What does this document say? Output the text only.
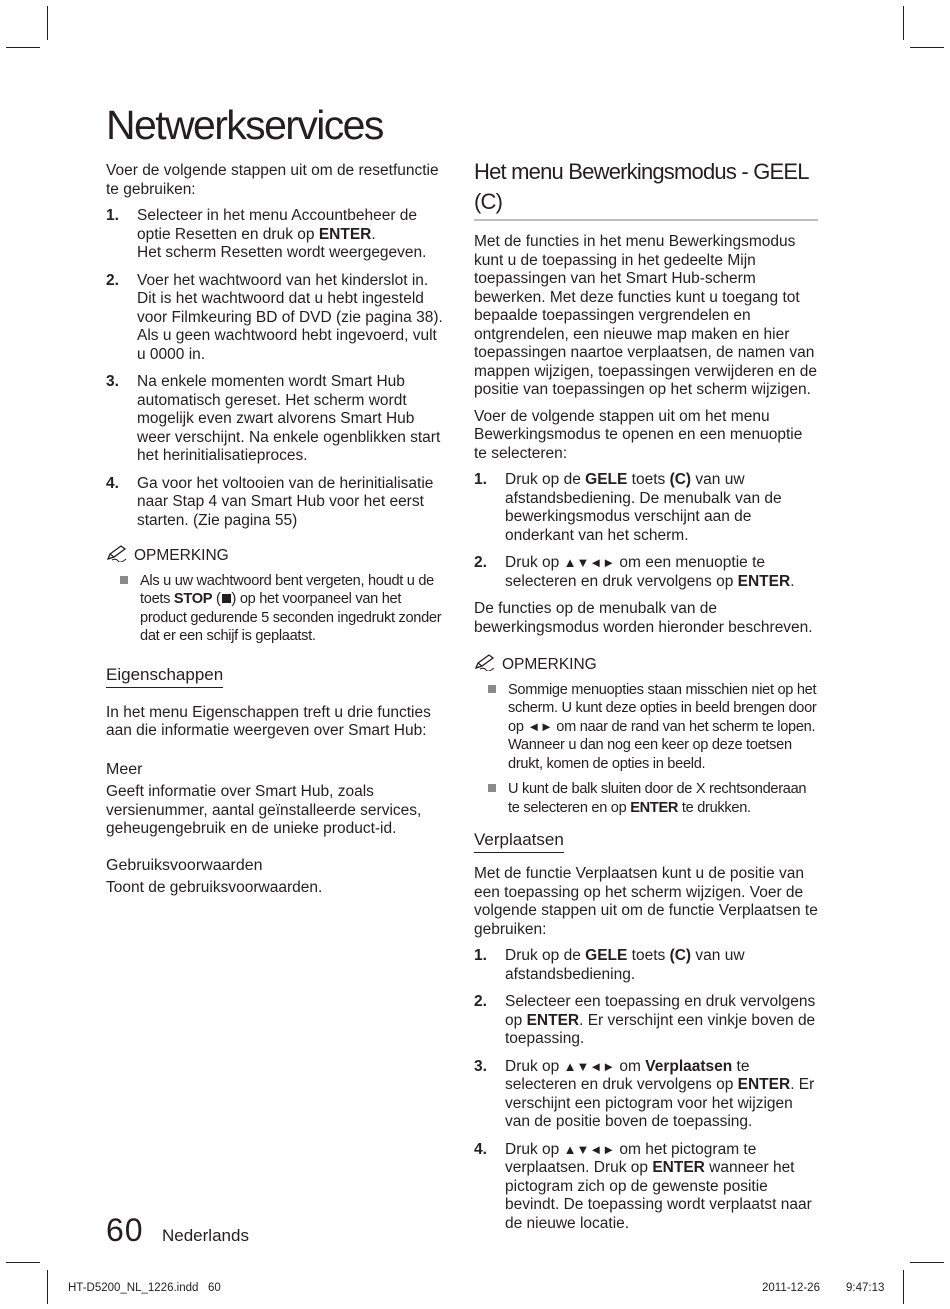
Netwerkservices

Voer de volgende stappen uit om de resetfunctie te gebruiken:

1. Selecteer in het menu Accountbeheer de optie Resetten en druk op ENTER.
Het scherm Resetten wordt weergegeven.
2. Voer het wachtwoord van het kinderslot in. Dit is het wachtwoord dat u hebt ingesteld voor Filmkeuring BD of DVD (zie pagina 38). Als u geen wachtwoord hebt ingevoerd, vult u 0000 in.
3. Na enkele momenten wordt Smart Hub automatisch gereset. Het scherm wordt mogelijk even zwart alvorens Smart Hub weer verschijnt. Na enkele ogenblikken start het herinitialisatieproces.
4. Ga voor het voltooien van de herinitialisatie naar Stap 4 van Smart Hub voor het eerst starten. (Zie pagina 55)
OPMERKING
Als u uw wachtwoord bent vergeten, houdt u de toets STOP ( ) op het voorpaneel van het product gedurende 5 seconden ingedrukt zonder dat er een schijf is geplaatst.
Eigenschappen

In het menu Eigenschappen treft u drie functies aan die informatie weergeven over Smart Hub:

Meer

Geeft informatie over Smart Hub, zoals versienummer, aantal geïnstalleerde services, geheugengebruik en de unieke product-id.

Gebruiksvoorwaarden

Toont de gebruiksvoorwaarden.

Het menu Bewerkingsmodus - GEEL (C)

Met de functies in het menu Bewerkingsmodus kunt u de toepassing in het gedeelte Mijn toepassingen van het Smart Hub-scherm bewerken. Met deze functies kunt u toegang tot bepaalde toepassingen vergrendelen en ontgrendelen, een nieuwe map maken en hier toepassingen naartoe verplaatsen, de namen van mappen wijzigen, toepassingen verwijderen en de positie van toepassingen op het scherm wijzigen.

Voer de volgende stappen uit om het menu Bewerkingsmodus te openen en een menuoptie te selecteren:

1. Druk op de GELE toets (C) van uw afstandsbediening. De menubalk van de bewerkingsmodus verschijnt aan de onderkant van het scherm.
2. Druk op ▲▼◄► om een menuoptie te selecteren en druk vervolgens op ENTER.

De functies op de menubalk van de bewerkingsmodus worden hieronder beschreven.

OPMERKING
Sommige menuopties staan misschien niet op het scherm. U kunt deze opties in beeld brengen door op ◄► om naar de rand van het scherm te lopen. Wanneer u dan nog een keer op deze toetsen drukt, komen de opties in beeld.
U kunt de balk sluiten door de X rechtsonderaan te selecteren en op ENTER te drukken.
Verplaatsen

Met de functie Verplaatsen kunt u de positie van een toepassing op het scherm wijzigen. Voer de volgende stappen uit om de functie Verplaatsen te gebruiken:

1. Druk op de GELE toets (C) van uw afstandsbediening.
2. Selecteer een toepassing en druk vervolgens op ENTER. Er verschijnt een vinkje boven de toepassing.
3. Druk op ▲▼◄► om Verplaatsen te selecteren en druk vervolgens op ENTER. Er verschijnt een pictogram voor het wijzigen van de positie boven de toepassing.
4. Druk op ▲▼◄► om het pictogram te verplaatsen. Druk op ENTER wanneer het pictogram zich op de gewenste positie bevindt. De toepassing wordt verplaatst naar de nieuwe locatie.
60 Nederlands
HT-D5200_NL_1226.indd   60	2011-12-26 9:47:13
